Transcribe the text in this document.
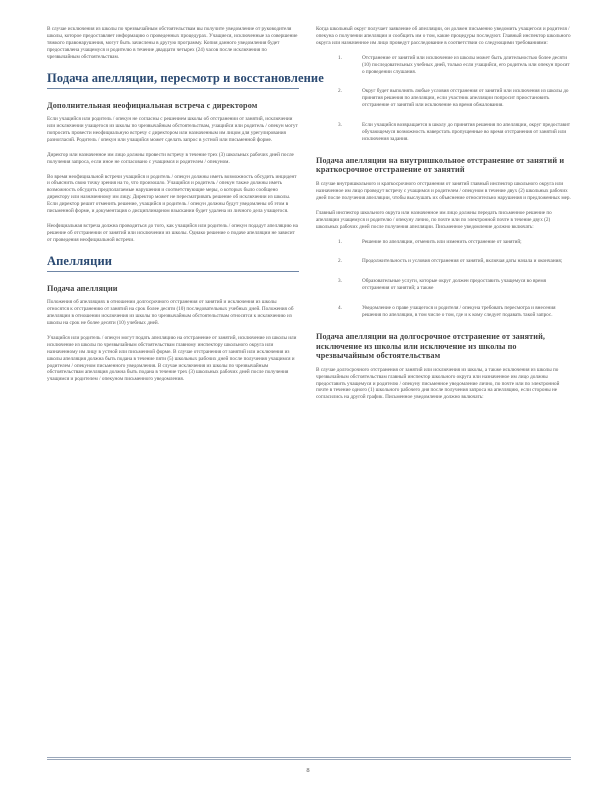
В случае исключения из школы по чрезвычайным обстоятельствам вы получите уведомление от руководителя школы, которое предоставляет информацию о проведенных процедурах. Учащиеся, исключенные за совершение тяжкого правонарушения, могут быть зачислены в другую программу. Копия данного уведомления будет предоставлена учащемуся и родителю в течение двадцати четырех (24) часов после исключения по чрезвычайным обстоятельствам.

Подача апелляции, пересмотр и восстановление
Дополнительная неофициальная встреча с директором

Если учащийся или родитель / опекун не согласны с решением школы об отстранении от занятий, исключении или исключении учащегося из школы по чрезвычайным обстоятельствам, учащийся или родитель / опекун могут попросить провести неофициальную встречу с директором или назначенным им лицом для урегулирования разногласий. Родитель / опекун или учащийся может сделать запрос в устной или письменной форме.

Директор или назначенное им лицо должны провести встречу в течение трех (3) школьных рабочих дней после получения запроса, если иное не согласовано с учащимся и родителем / опекуном.

Во время неофициальной встречи учащийся и родитель / опекун должны иметь возможность обсудить инцидент и объяснить свою точку зрения на то, что произошло. Учащийся и родитель / опекун также должны иметь возможность обсудить предполагаемые нарушения и соответствующие меры, о которых было сообщено директору или назначенному им лицу. Директор может не пересматривать решение об исключении из школы. Если директор решит отменить решение, учащийся и родитель / опекун должны будут уведомлены об этом в письменной форме, и документация о дисциплинарном взыскании будет удалена из личного дела учащегося.

Неофициальная встреча должна проводиться до того, как учащийся или родитель / опекун подадут апелляцию на решение об отстранении от занятий или исключении из школы. Однако решение о подаче апелляции не зависит от проведения неофициальной встречи.

Апелляции
Подача апелляции

Положения об апелляциях в отношении долгосрочного отстранения от занятий и исключения из школы относятся к отстранению от занятий на срок более десяти (10) последовательных учебных дней. Положения об апелляции в отношении исключения из школы по чрезвычайным обстоятельствам относятся к исключению из школы на срок не более десяти (10) учебных дней.

Учащийся или родитель / опекун могут подать апелляцию на отстранение от занятий, исключение из школы или исключение из школы по чрезвычайным обстоятельствам главному инспектору школьного округа или назначенному им лицу в устной или письменной форме. В случае отстранения от занятий или исключения из школы апелляция должна быть подана в течение пяти (5) школьных рабочих дней после получения учащимся и родителем / опекуном письменного уведомления. В случае исключения из школы по чрезвычайным обстоятельствам апелляция должна быть подана в течение трех (3) школьных рабочих дней после получения учащимся и родителем / опекуном письменного уведомления.

Когда школьный округ получает заявление об апелляции, он должен письменно уведомить учащегося и родителя / опекуна о получении апелляции и сообщить им о том, какие процедуры последуют. Главный инспектор школьного округа или назначенное им лицо проведут расследование в соответствии со следующими требованиями:

1.	Отстранение от занятий или исключение из школы может быть длительностью более десяти (10) последовательных учебных дней, только если учащийся, его родитель или опекун просят о проведении слушания.

2.	Округ будет выполнять любые условия отстранения от занятий или исключения из школы до принятия решения по апелляции, если участник апелляции попросит приостановить отстранение от занятий или исключение на время обжалования.

3.	Если учащийся возвращается в школу до принятия решения по апелляции, округ предоставит обучающемуся возможность наверстать пропущенные во время отстранения от занятий или исключения задания.

Подача апелляции на внутришкольное отстранение от занятий и краткосрочное отстранение от занятий

В случае внутришкольного и краткосрочного отстранения от занятий главный инспектор школьного округа или назначенное им лицо проведут встречу с учащимся и родителем / опекуном в течение двух (2) школьных рабочих дней после получения апелляции, чтобы выслушать их объяснение относительно нарушения и предложенных мер.

Главный инспектор школьного округа или назначенное им лицо должны передать письменное решение по апелляции учащемуся и родителю / опекуну лично, по почте или по электронной почте в течение двух (2) школьных рабочих дней после получения апелляции. Письменное уведомление должно включать:

1.	Решение по апелляции, отменить или изменить отстранение от занятий;

2.	Продолжительность и условия отстранения от занятий, включая даты начала и окончания;

3.	Образовательные услуги, которые округ должен предоставить учащемуся во время отстранения от занятий; а также

4.	Уведомление о праве учащегося и родителя / опекуна требовать пересмотра и внесения решения по апелляции, в том числе о том, где и к кому следует подавать такой запрос.

Подача апелляции на долгосрочное отстранение от занятий, исключение из школы или исключение из школы по чрезвычайным обстоятельствам

В случае долгосрочного отстранения от занятий или исключения из школы, а также исключения из школы по чрезвычайным обстоятельствам главный инспектор школьного округа или назначенное им лицо должны предоставить учащемуся и родителю / опекуну письменное уведомление лично, по почте или по электронной почте в течение одного (1) школьного рабочего дня после получения запроса на апелляцию, если стороны не согласились на другой график. Письменное уведомление должно включать:

8
